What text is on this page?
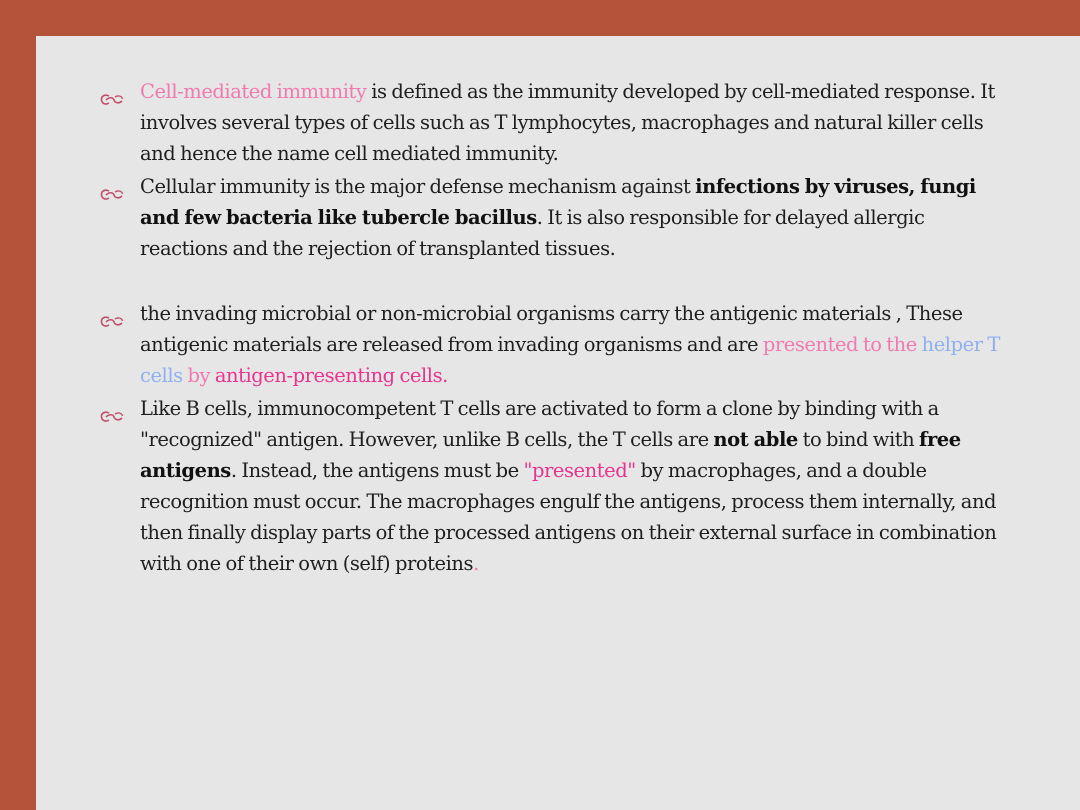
Cell-mediated immunity is defined as the immunity developed by cell-mediated response. It involves several types of cells such as T lymphocytes, macrophages and natural killer cells and hence the name cell mediated immunity.
Cellular immunity is the major defense mechanism against infections by viruses, fungi and few bacteria like tubercle bacillus. It is also responsible for delayed allergic reactions and the rejection of transplanted tissues.
the invading microbial or non-microbial organisms carry the antigenic materials , These antigenic materials are released from invading organisms and are presented to the helper T cells by antigen-presenting cells.
Like B cells, immunocompetent T cells are activated to form a clone by binding with a "recognized" antigen. However, unlike B cells, the T cells are not able to bind with free antigens. Instead, the antigens must be "presented" by macrophages, and a double recognition must occur. The macrophages engulf the antigens, process them internally, and then finally display parts of the processed antigens on their external surface in combination with one of their own (self) proteins.
